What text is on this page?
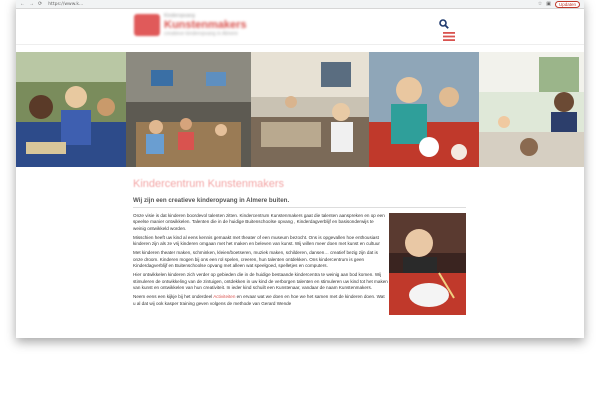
← → ⟳ https://www.k...	☆ ▣	Updaten
Kinderopvang
Kunstenmakers
creatieve kinderopvang in Almere
Kindercentrum Kunstenmakers
Wij zijn een creatieve kinderopvang in Almere buiten.

Onze visie is dat kinderen boordevol talenten zitten. Kindercentrum Kunstenmakers gaat die talenten aanspreken en op een speelse manier ontwikkelen. Talenten die in de huidige Buitenschoolse opvang , Kinderdagverblijf en basisonderwijs te weinig ontwikkeld worden.

Misschien heeft uw kind al eens kennis gemaakt met theater of een museum bezocht. Ons is opgevallen hoe enthousiast kinderen zijn als ze vrij kinderen omgaan met het maken en beleven van kunst. Wij willen meer doen met kunst en cultuur

Met kinderen theater maken, schminken, kleien/boetseren, muziek maken, schilderen, dansen… creatief bezig zijn dat is onze droom. Kinderen mogen bij ons een rol spelen, creeren, hun talenten ontdekken. Ons kindercentrum is geen Kinderdagverblijf en Buitenschoolse opvang met alleen wat speelgoed, spelletjes en computers.

Hier ontwikkelen kinderen zich verder op gebieden die in de huidige bestaande kindercentra te weinig aan bod komen. Wij stimuleren de ontwikkeling van de zintuigen, ontdekken in uw kind de verborgen talenten en stimuleren uw kind tot het maken van kunst en ontwikkelen van hun creativiteit. In ieder kind schuilt een Kunstenaar, vandaar de naam Kunstenmakers.

Neem eens een kijkje bij het onderdeel Activiteiten en ervaar wat we doen en hoe we het samen met de kinderen doen. Wat u al dat wij ook kasper training geven volgens de methode van Gerard Wende
